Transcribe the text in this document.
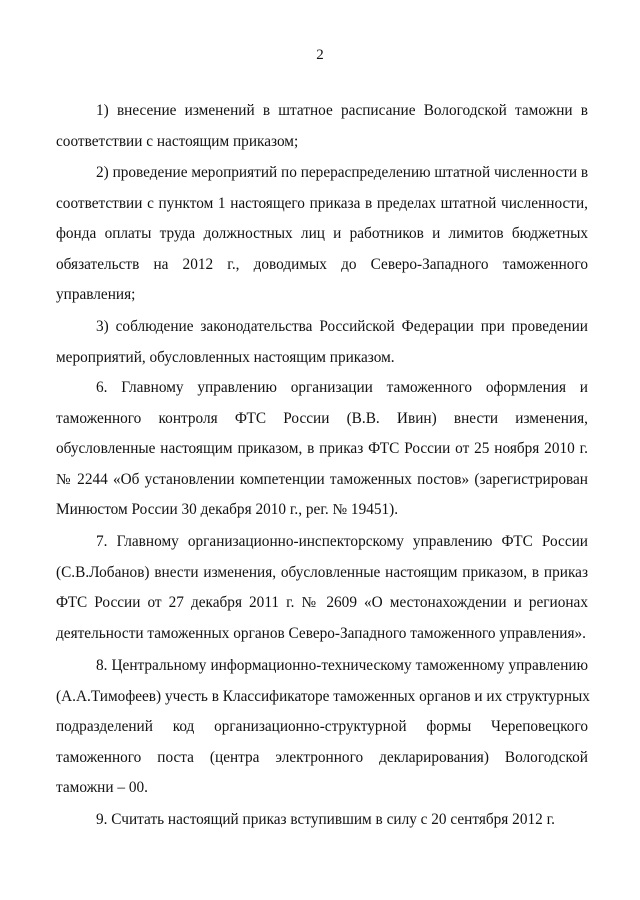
2
1) внесение изменений в штатное расписание Вологодской таможни в
соответствии с настоящим приказом;
2) проведение мероприятий по перераспределению штатной численности в
соответствии с пунктом 1 настоящего приказа в пределах штатной численности,
фонда оплаты труда должностных лиц и работников и лимитов бюджетных
обязательств на 2012 г., доводимых до Северо-Западного таможенного
управления;
3) соблюдение законодательства Российской Федерации при проведении
мероприятий, обусловленных настоящим приказом.
6. Главному управлению организации таможенного оформления и
таможенного контроля ФТС России (В.В. Ивин) внести изменения,
обусловленные настоящим приказом, в приказ ФТС России от 25 ноября 2010 г.
№ 2244 «Об установлении компетенции таможенных постов» (зарегистрирован
Минюстом России 30 декабря 2010 г., рег. № 19451).
7. Главному организационно-инспекторскому управлению ФТС России
(С.В.Лобанов) внести изменения, обусловленные настоящим приказом, в приказ
ФТС России от 27 декабря 2011 г. № 2609 «О местонахождении и регионах
деятельности таможенных органов Северо-Западного таможенного управления».
8. Центральному информационно-техническому таможенному управлению
(А.А.Тимофеев) учесть в Классификаторе таможенных органов и их структурных
подразделений код организационно-структурной формы Череповецкого
таможенного поста (центра электронного декларирования) Вологодской
таможни – 00.
9. Считать настоящий приказ вступившим в силу с 20 сентября 2012 г.
